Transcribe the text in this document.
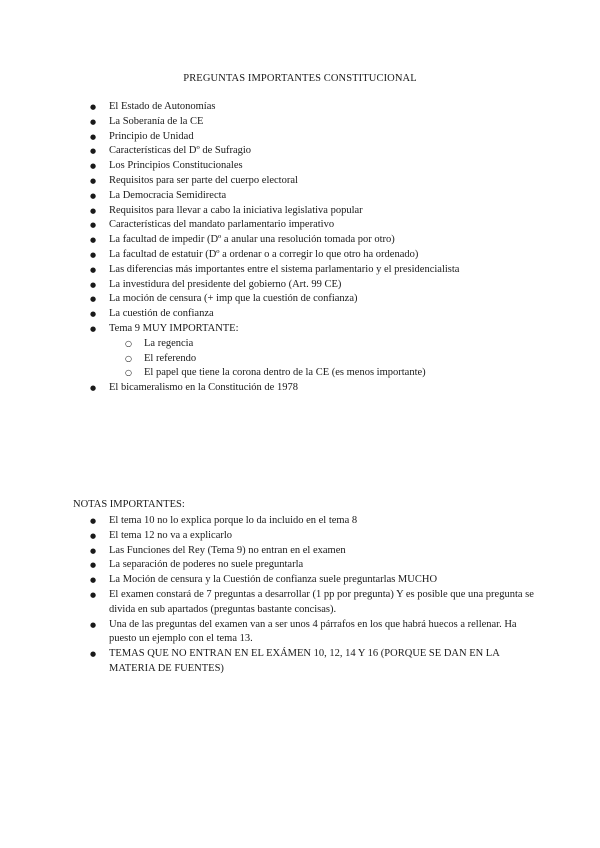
PREGUNTAS IMPORTANTES CONSTITUCIONAL
● El Estado de Autonomías
● La Soberanía de la CE
● Principio de Unidad
● Características del Dº de Sufragio
● Los Principios Constitucionales
● Requisitos para ser parte del cuerpo electoral
● La Democracia Semidirecta
● Requisitos para llevar a cabo la iniciativa legislativa popular
● Características del mandato parlamentario imperativo
● La facultad de impedir (Dº a anular una resolución tomada por otro)
● La facultad de estatuir (Dº a ordenar o a corregir lo que otro ha ordenado)
● Las diferencias más importantes entre el sistema parlamentario y el presidencialista
● La investidura del presidente del gobierno (Art. 99 CE)
● La moción de censura (+ imp que la cuestión de confianza)
● La cuestión de confianza
● Tema 9 MUY IMPORTANTE:
○ La regencia
○ El referendo
○ El papel que tiene la corona dentro de la CE (es menos importante)
● El bicameralismo en la Constitución de 1978
NOTAS IMPORTANTES:
● El tema 10 no lo explica porque lo da incluido en el tema 8
● El tema 12 no va a explicarlo
● Las Funciones del Rey (Tema 9) no entran en el examen
● La separación de poderes no suele preguntarla
● La Moción de censura y la Cuestión de confianza suele preguntarlas MUCHO
● El examen constará de 7 preguntas a desarrollar (1 pp por pregunta) Y es posible que una pregunta se divida en sub apartados (preguntas bastante concisas).
● Una de las preguntas del examen van a ser unos 4 párrafos en los que habrá huecos a rellenar. Ha puesto un ejemplo con el tema 13.
● TEMAS QUE NO ENTRAN EN EL EXÁMEN 10, 12, 14 Y 16 (PORQUE SE DAN EN LA MATERIA DE FUENTES)
